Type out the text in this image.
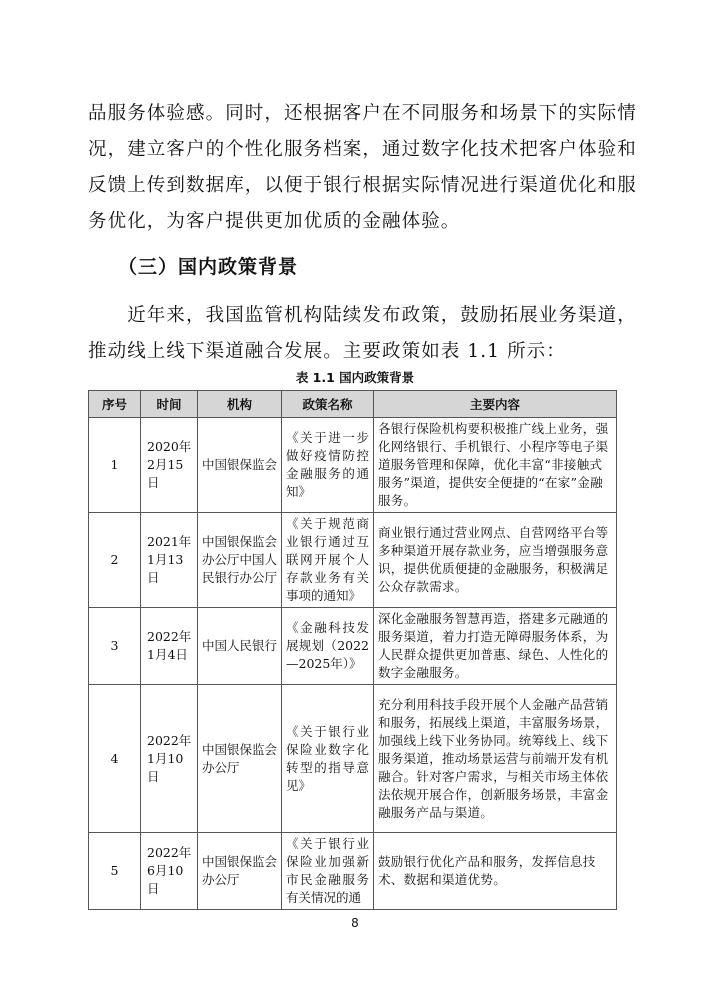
品服务体验感。同时，还根据客户在不同服务和场景下的实际情
况，建立客户的个性化服务档案，通过数字化技术把客户体验和
反馈上传到数据库，以便于银行根据实际情况进行渠道优化和服
务优化，为客户提供更加优质的金融体验。
（三）国内政策背景
　　近年来，我国监管机构陆续发布政策，鼓励拓展业务渠道，
推动线上线下渠道融合发展。主要政策如表 1.1 所示：
表 1.1 国内政策背景
序号	时间	机构	政策名称	主要内容
1	2020年2月15日	中国银保监会	《关于进一步做好疫情防控金融服务的通知》	各银行保险机构要积极推广线上业务，强化网络银行、手机银行、小程序等电子渠道服务管理和保障，优化丰富“非接触式服务”渠道，提供安全便捷的“在家”金融服务。
2	2021年1月13日	中国银保监会办公厅中国人民银行办公厅	《关于规范商业银行通过互联网开展个人存款业务有关事项的通知》	商业银行通过营业网点、自营网络平台等多种渠道开展存款业务，应当增强服务意识，提供优质便捷的金融服务，积极满足公众存款需求。
3	2022年1月4日	中国人民银行	《金融科技发展规划（2022—2025年）》	深化金融服务智慧再造，搭建多元融通的服务渠道，着力打造无障碍服务体系，为人民群众提供更加普惠、绿色、人性化的数字金融服务。
4	2022年1月10日	中国银保监会办公厅	《关于银行业保险业数字化转型的指导意见》	充分利用科技手段开展个人金融产品营销和服务，拓展线上渠道，丰富服务场景，加强线上线下业务协同。统筹线上、线下服务渠道，推动场景运营与前端开发有机融合。针对客户需求，与相关市场主体依法依规开展合作，创新服务场景，丰富金融服务产品与渠道。
5	2022年6月10日	中国银保监会办公厅	《关于银行业保险业加强新市民金融服务有关情况的通	鼓励银行优化产品和服务，发挥信息技术、数据和渠道优势。
8
